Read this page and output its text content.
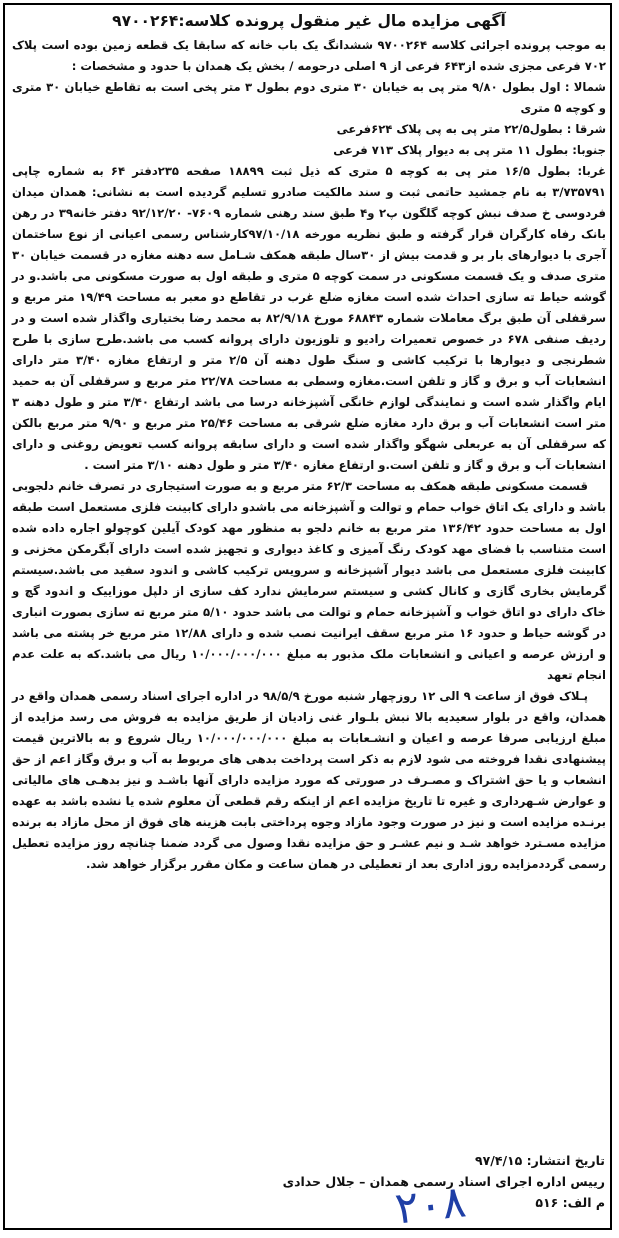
آگهی مزایده مال غیر منقول پرونده کلاسه:۹۷۰۰۲۶۴

به موجب پرونده اجرائی کلاسه ۹۷۰۰۲۶۴ ششدانگ یک باب خانه که سابقا یک قطعه زمین بوده است پلاک ۷۰۲ فرعی مجزی شده از۶۴۳ فرعی از ۹ اصلی درحومه / بخش یک همدان با حدود و مشخصات :

شمالا : اول بطول ۹/۸۰ متر پی به خیابان ۳۰ متری دوم بطول ۳ متر پخی است به تقاطع خیابان ۳۰ متری و کوچه ۵ متری
شرقا : بطول۲۲/۵ متر پی به پی پلاک ۶۲۴فرعی
جنوبا: بطول ۱۱ متر پی به دیوار پلاک ۷۱۳ فرعی
غربا: بطول ۱۶/۵ متر پی به کوچه ۵ متری که ذیل ثبت ۱۸۸۹۹ صفحه ۲۳۵دفتر ۶۴ به شماره چاپی ۳/۷۳۵۷۹۱ به نام جمشید حاتمی ثبت و سند مالکیت صادرو تسلیم گردیده است به نشانی: همدان میدان فردوسی خ صدف نبش کوچه گلگون پ۲ و۴ طبق سند رهنی شماره ۷۶۰۹- ۹۲/۱۲/۲۰ دفتر خانه۳۹ در رهن بانک رفاه کارگران قرار گرفته و طبق نظریه مورخه ۹۷/۱۰/۱۸کارشناس رسمی اعیانی از نوع ساختمان آجری با دیوارهای بار بر و قدمت بیش از ۳۰سال طبقه همکف شـامل سه دهنه مغازه در قسمت خیابان ۳۰ متری صدف و یک قسمت مسکونی در سمت کوچه ۵ متری و طبقه اول به صورت مسکونی می باشد.و در گوشه حیاط ته سازی احداث شده است مغازه ضلع غرب در تقاطع دو معبر به مساحت ۱۹/۴۹ متر مربع و سرقفلی آن طبق برگ معاملات شماره ۶۸۸۴۳ مورخ ۸۲/۹/۱۸ به محمد رضا بختیاری واگذار شده است و در ردیف صنفی ۶۷۸ در خصوص تعمیرات رادیو و تلوزیون دارای پروانه کسب می باشد.طرح سازی با طرح شطرنجی و دیوارها با ترکیب کاشی و سنگ طول دهنه آن ۲/۵ متر و ارتفاع مغازه ۳/۴۰ متر دارای انشعابات آب و برق و گاز و تلفن است.مغازه وسطی به مساحت ۲۲/۷۸ متر مربع و سرقفلی آن به حمید ایام واگذار شده است و نمایندگی لوازم خانگی آشپزخانه درسا می باشد ارتفاع ۳/۴۰ متر و طول دهنه ۳ متر است انشعابات آب و برق دارد مغازه ضلع شرقی به مساحت ۲۵/۴۶ متر مربع و ۹/۹۰ متر مربع بالکن که سرقفلی آن به عربعلی شهگو واگذار شده است و دارای سابقه پروانه کسب تعویض روغنی و دارای انشعابات آب و برق و گاز و تلفن است.و ارتفاع مغازه ۳/۴۰ متر و طول دهنه ۳/۱۰ متر است .

قسمت مسکونی طبقه همکف به مساحت ۶۲/۳ متر مربع و به صورت استیجاری در تصرف خانم دلجوبی باشد و دارای یک اتاق خواب حمام و توالت و آشپزخانه می باشدو دارای کابینت فلزی مستعمل است طبقه اول به مساحت حدود ۱۳۶/۴۲ متر مربع به خانم دلجو به منظور مهد کودک آیلین کوچولو اجاره داده شده است متناسب با فضای مهد کودک رنگ آمیزی و کاغذ دیواری و تجهیز شده است دارای آبگرمکن مخزنی و کابینت فلزی مستعمل می باشد دیوار آشپزخانه و سرویس ترکیب کاشی و اندود سفید می باشد.سیستم گرمایش بخاری گازی و کانال کشی و سیستم سرمایش ندارد کف سازی از دلپل موزاییک و اندود گچ و خاک دارای دو اتاق خواب و آشپزخانه حمام و توالت می باشد حدود ۵/۱۰ متر مربع ته سازی بصورت انباری در گوشه حیاط و حدود ۱۶ متر مربع سقف ایرانیت نصب شده و دارای ۱۲/۸۸ متر مربع خر پشته می باشد و ارزش عرصه و اعیانی و انشعابات ملک مذبور به مبلغ ۱۰/۰۰۰/۰۰۰/۰۰۰ ریال می باشد.که به علت عدم انجام تعهد

پـلاک فوق از ساعت ۹ الی ۱۲ روزچهار شنبه مورخ ۹۸/۵/۹ در اداره اجرای اسناد رسمی همدان واقع در همدان، واقع در بلوار سعیدیه بالا نبش بلـوار غنی زادیان از طریق مزایده به فروش می رسد مزایده از مبلغ ارزیابی صرفا عرصه و اعیان و انشـعابات به مبلغ ۱۰/۰۰۰/۰۰۰/۰۰۰ ریال شروع و به بالاترین قیمت پیشنهادی نقدا فروخته می شود لازم به ذکر است پرداخت بدهی های مربوط به آب و برق وگاز اعم از حق انشعاب و یا حق اشتراک و مصـرف در صورتی که مورد مزایده دارای آنها باشـد و نیز بدهـی های مالیاتی و عوارض شـهرداری و غیره تا تاریخ مزایده اعم از اینکه رقم قطعی آن معلوم شده یا نشده باشد به عهده برنـده مزایده است و نیز در صورت وجود مازاد وجوه پرداختی بابت هزینه های فوق از محل مازاد به برنده مزایده مسـترد خواهد شـد و نیم عشـر و حق مزایده نقدا وصول می گردد ضمنا چنانچه روز مزایده تعطیل رسمی گرددمزایده روز اداری بعد از تعطیلی در همان ساعت و مکان مقرر برگزار خواهد شد.

تاریخ انتشار: ۹۷/۴/۱۵
رییس اداره اجرای اسناد رسمی همدان – جلال حدادی
م الف: ۵۱۶
۲۰۸
